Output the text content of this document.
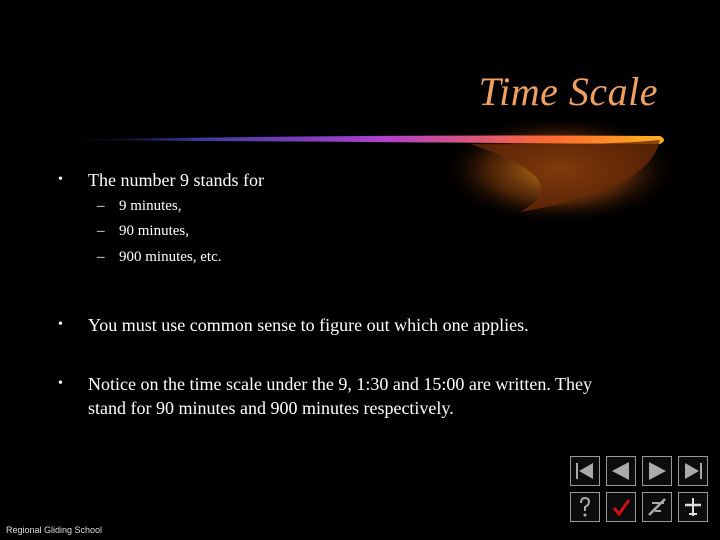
Time Scale
• The number 9 stands for
– 9 minutes,
– 90 minutes,
– 900 minutes, etc.
• You must use common sense to figure out which one applies.
• Notice on the time scale under the 9, 1:30 and 15:00 are written. They
stand for 90 minutes and 900 minutes respectively.
Regional Gliding School
